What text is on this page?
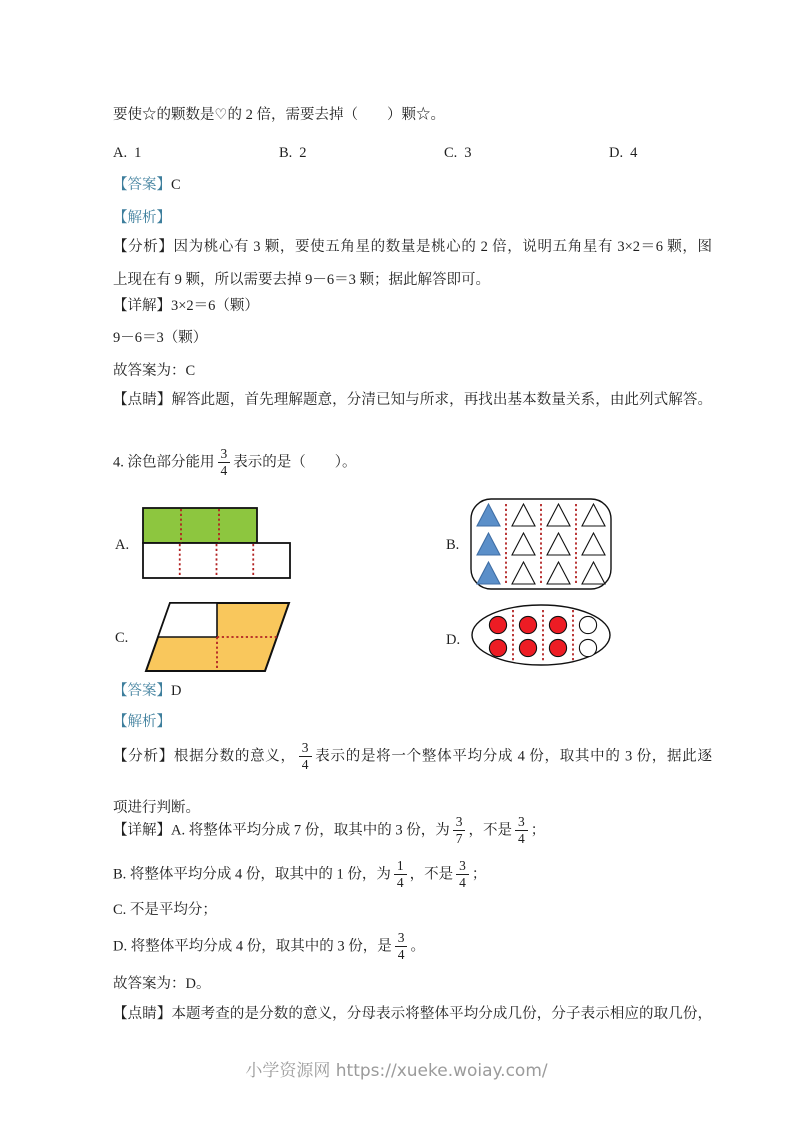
要使☆的颗数是♡的 2 倍，需要去掉（　　）颗☆。
A. 1	B. 2	C. 3	D. 4
【答案】C
【解析】
【分析】因为桃心有 3 颗，要使五角星的数量是桃心的 2 倍，说明五角星有 3×2＝6 颗，图
上现在有 9 颗，所以需要去掉 9－6＝3 颗；据此解答即可。
【详解】3×2＝6（颗）
9－6＝3（颗）
故答案为：C
【点睛】解答此题，首先理解题意，分清已知与所求，再找出基本数量关系，由此列式解答。
4. 涂色部分能用 $\frac{3}{4}$ 表示的是（　　）。
A.	B.
C.	D.
【答案】D
【解析】
【分析】根据分数的意义， $\frac{3}{4}$ 表示的是将一个整体平均分成 4 份，取其中的 3 份，据此逐
项进行判断。
【详解】A. 将整体平均分成 7 份，取其中的 3 份，为 $\frac{3}{7}$ ，不是 $\frac{3}{4}$ ；
B. 将整体平均分成 4 份，取其中的 1 份，为 $\frac{1}{4}$ ，不是 $\frac{3}{4}$ ；
C. 不是平均分；
D. 将整体平均分成 4 份，取其中的 3 份，是 $\frac{3}{4}$ 。
故答案为：D。
【点睛】本题考查的是分数的意义，分母表示将整体平均分成几份，分子表示相应的取几份，
小学资源网 https://xueke.woiay.com/
